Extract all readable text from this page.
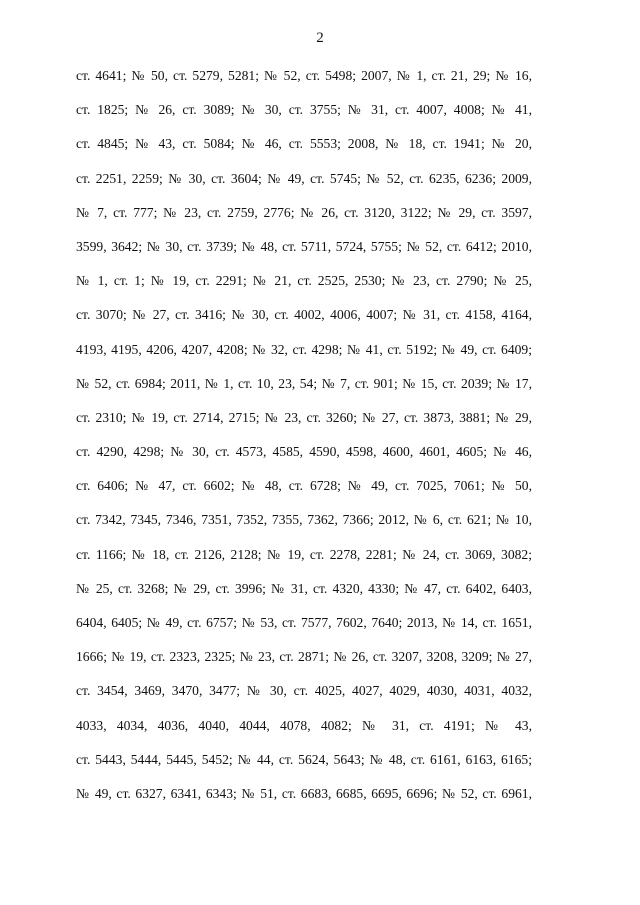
2
ст. 4641; № 50, ст. 5279, 5281; № 52, ст. 5498; 2007, № 1, ст. 21, 29; № 16,
ст. 1825; № 26, ст. 3089; № 30, ст. 3755; № 31, ст. 4007, 4008; № 41,
ст. 4845; № 43, ст. 5084; № 46, ст. 5553; 2008, № 18, ст. 1941; № 20,
ст. 2251, 2259; № 30, ст. 3604; № 49, ст. 5745; № 52, ст. 6235, 6236; 2009,
№ 7, ст. 777; № 23, ст. 2759, 2776; № 26, ст. 3120, 3122; № 29, ст. 3597,
3599, 3642; № 30, ст. 3739; № 48, ст. 5711, 5724, 5755; № 52, ст. 6412; 2010,
№ 1, ст. 1; № 19, ст. 2291; № 21, ст. 2525, 2530; № 23, ст. 2790; № 25,
ст. 3070; № 27, ст. 3416; № 30, ст. 4002, 4006, 4007; № 31, ст. 4158, 4164,
4193, 4195, 4206, 4207, 4208; № 32, ст. 4298; № 41, ст. 5192; № 49, ст. 6409;
№ 52, ст. 6984; 2011, № 1, ст. 10, 23, 54; № 7, ст. 901; № 15, ст. 2039; № 17,
ст. 2310; № 19, ст. 2714, 2715; № 23, ст. 3260; № 27, ст. 3873, 3881; № 29,
ст. 4290, 4298; № 30, ст. 4573, 4585, 4590, 4598, 4600, 4601, 4605; № 46,
ст. 6406; № 47, ст. 6602; № 48, ст. 6728; № 49, ст. 7025, 7061; № 50,
ст. 7342, 7345, 7346, 7351, 7352, 7355, 7362, 7366; 2012, № 6, ст. 621; № 10,
ст. 1166; № 18, ст. 2126, 2128; № 19, ст. 2278, 2281; № 24, ст. 3069, 3082;
№ 25, ст. 3268; № 29, ст. 3996; № 31, ст. 4320, 4330; № 47, ст. 6402, 6403,
6404, 6405; № 49, ст. 6757; № 53, ст. 7577, 7602, 7640; 2013, № 14, ст. 1651,
1666; № 19, ст. 2323, 2325; № 23, ст. 2871; № 26, ст. 3207, 3208, 3209; № 27,
ст. 3454, 3469, 3470, 3477; № 30, ст. 4025, 4027, 4029, 4030, 4031, 4032,
4033, 4034, 4036, 4040, 4044, 4078, 4082; № 31, ст. 4191; № 43,
ст. 5443, 5444, 5445, 5452; № 44, ст. 5624, 5643; № 48, ст. 6161, 6163, 6165;
№ 49, ст. 6327, 6341, 6343; № 51, ст. 6683, 6685, 6695, 6696; № 52, ст. 6961,
